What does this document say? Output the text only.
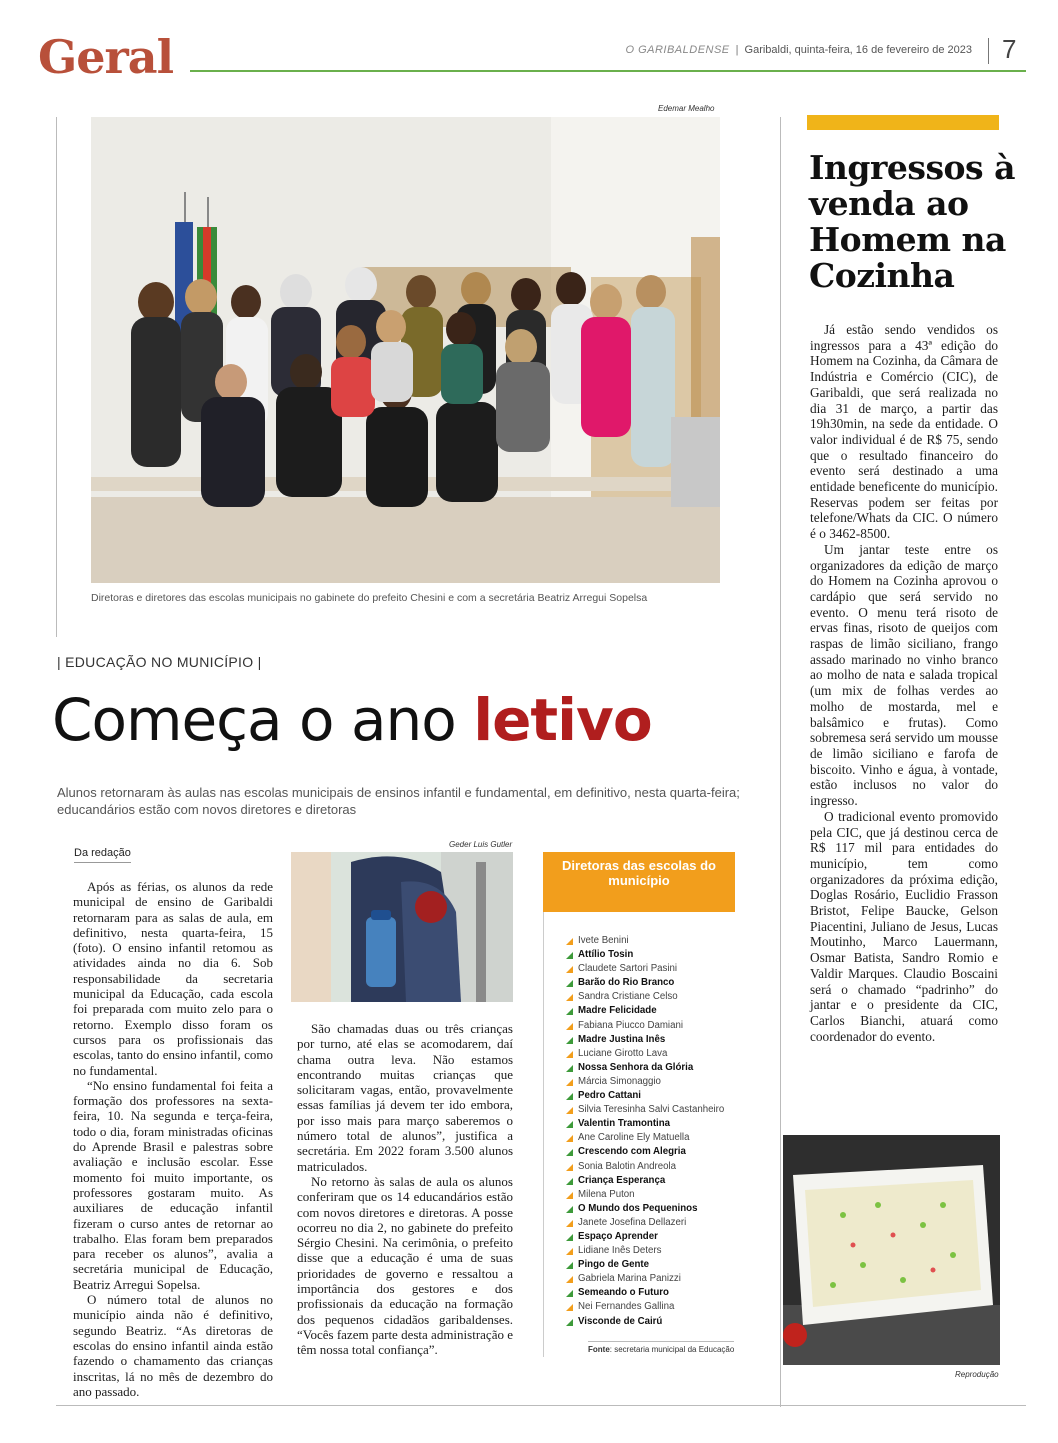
Geral	O GARIBALDENSE | Garibaldi, quinta-feira, 16 de fevereiro de 2023 7
Edemar Mealho
Diretoras e diretores das escolas municipais no gabinete do prefeito Chesini e com a secretária Beatriz Arregui Sopelsa
| EDUCAÇÃO NO MUNICÍPIO |
Começa o ano letivo
Alunos retornaram às aulas nas escolas municipais de ensinos infantil e fundamental, em definitivo, nesta quarta-feira; educandários estão com novos diretores e diretoras
Da redação

Após as férias, os alunos da rede municipal de ensino de Garibaldi retornaram para as salas de aula, em definitivo, nesta quarta-feira, 15 (foto). O ensino infantil retomou as atividades ainda no dia 6. Sob responsabilidade da secretaria municipal da Educação, cada escola foi preparada com muito zelo para o retorno. Exemplo disso foram os cursos para os profissionais das escolas, tanto do ensino infantil, como no fundamental.

“No ensino fundamental foi feita a formação dos professores na sexta-feira, 10. Na segunda e terça-feira, todo o dia, foram ministradas oficinas do Aprende Brasil e palestras sobre avaliação e inclusão escolar. Esse momento foi muito importante, os professores gostaram muito. As auxiliares de educação infantil fizeram o curso antes de retornar ao trabalho. Elas foram bem preparados para receber os alunos”, avalia a secretária municipal de Educação, Beatriz Arregui Sopelsa.

O número total de alunos no município ainda não é definitivo, segundo Beatriz. “As diretoras de escolas do ensino infantil ainda estão fazendo o chamamento das crianças inscritas, lá no mês de dezembro do ano passado.

Geder Luis Gutler

São chamadas duas ou três crianças por turno, até elas se acomodarem, daí chama outra leva. Não estamos encontrando muitas crianças que solicitaram vagas, então, provavelmente essas famílias já devem ter ido embora, por isso mais para março saberemos o número total de alunos”, justifica a secretária. Em 2022 foram 3.500 alunos matriculados.

No retorno às salas de aula os alunos conferiram que os 14 educandários estão com novos diretores e diretoras. A posse ocorreu no dia 2, no gabinete do prefeito Sérgio Chesini. Na cerimônia, o prefeito disse que a educação é uma de suas prioridades de governo e ressaltou a importância dos gestores e dos profissionais da educação na formação dos pequenos cidadãos garibaldenses. “Vocês fazem parte desta administração e têm nossa total confiança”.

Diretoras das escolas do município
Ivete Benini
Attílio Tosin
Claudete Sartori Pasini
Barão do Rio Branco
Sandra Cristiane Celso
Madre Felicidade
Fabiana Piucco Damiani
Madre Justina Inês
Luciane Girotto Lava
Nossa Senhora da Glória
Márcia Simonaggio
Pedro Cattani
Silvia Teresinha Salvi Castanheiro
Valentin Tramontina
Ane Caroline Ely Matuella
Crescendo com Alegria
Sonia Balotin Andreola
Criança Esperança
Milena Puton
O Mundo dos Pequeninos
Janete Josefina Dellazeri
Espaço Aprender
Lidiane Inês Deters
Pingo de Gente
Gabriela Marina Panizzi
Semeando o Futuro
Nei Fernandes Gallina
Visconde de Cairú
Fonte: secretaria municipal da Educação
Ingressos à venda ao Homem na Cozinha

Já estão sendo vendidos os ingressos para a 43ª edição do Homem na Cozinha, da Câmara de Indústria e Comércio (CIC), de Garibaldi, que será realizada no dia 31 de março, a partir das 19h30min, na sede da entidade. O valor individual é de R$ 75, sendo que o resultado financeiro do evento será destinado a uma entidade beneficente do município. Reservas podem ser feitas por telefone/Whats da CIC. O número é o 3462-8500.

Um jantar teste entre os organizadores da edição de março do Homem na Cozinha aprovou o cardápio que será servido no evento. O menu terá risoto de ervas finas, risoto de queijos com raspas de limão siciliano, frango assado marinado no vinho branco ao molho de nata e salada tropical (um mix de folhas verdes ao molho de mostarda, mel e balsâmico e frutas). Como sobremesa será servido um mousse de limão siciliano e farofa de biscoito. Vinho e água, à vontade, estão inclusos no valor do ingresso.

O tradicional evento promovido pela CIC, que já destinou cerca de R$ 117 mil para entidades do município, tem como organizadores da próxima edição, Doglas Rosário, Euclidio Frasson Bristot, Felipe Baucke, Gelson Piacentini, Juliano de Jesus, Lucas Moutinho, Marco Lauermann, Osmar Batista, Sandro Romio e Valdir Marques. Claudio Boscaini será o chamado “padrinho” do jantar e o presidente da CIC, Carlos Bianchi, atuará como coordenador do evento.

Reprodução
